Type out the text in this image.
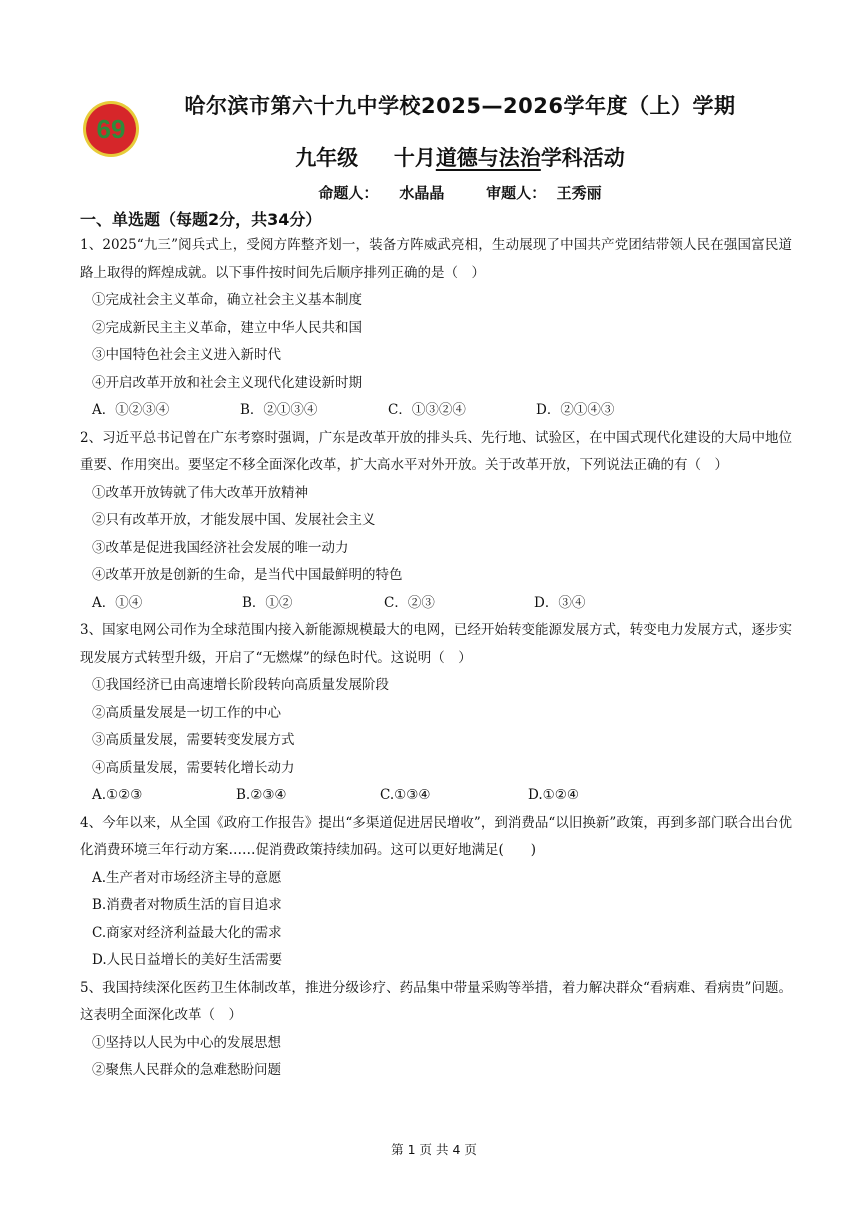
69
哈尔滨市第六十九中学校2025—2026学年度（上）学期
九年级 　 十月道德与法治学科活动
命题人： 水晶晶	审题人： 王秀丽
一、单选题（每题2分，共34分）

1、2025“九三”阅兵式上，受阅方阵整齐划一，装备方阵威武亮相，生动展现了中国共产党团结带领人民在强国富民道路上取得的辉煌成就。以下事件按时间先后顺序排列正确的是（　）

①完成社会主义革命，确立社会主义基本制度

②完成新民主主义革命，建立中华人民共和国

③中国特色社会主义进入新时代

④开启改革开放和社会主义现代化建设新时期

A．①②③④	B．②①③④	C．①③②④	D．②①④③

2、习近平总书记曾在广东考察时强调，广东是改革开放的排头兵、先行地、试验区，在中国式现代化建设的大局中地位重要、作用突出。要坚定不移全面深化改革，扩大高水平对外开放。关于改革开放，下列说法正确的有（　）

①改革开放铸就了伟大改革开放精神

②只有改革开放，才能发展中国、发展社会主义

③改革是促进我国经济社会发展的唯一动力

④改革开放是创新的生命，是当代中国最鲜明的特色

A．①④	B．①②	C．②③	D．③④

3、国家电网公司作为全球范围内接入新能源规模最大的电网，已经开始转变能源发展方式，转变电力发展方式，逐步实现发展方式转型升级，开启了“无燃煤”的绿色时代。这说明（　）

①我国经济已由高速增长阶段转向高质量发展阶段

②高质量发展是一切工作的中心

③高质量发展，需要转变发展方式

④高质量发展，需要转化增长动力

A.①②③	B.②③④	C.①③④	D.①②④

4、今年以来，从全国《政府工作报告》提出“多渠道促进居民增收”，到消费品“以旧换新”政策，再到多部门联合出台优化消费环境三年行动方案……促消费政策持续加码。这可以更好地满足(　　)

A.生产者对市场经济主导的意愿

B.消费者对物质生活的盲目追求

C.商家对经济利益最大化的需求

D.人民日益增长的美好生活需要

5、我国持续深化医药卫生体制改革，推进分级诊疗、药品集中带量采购等举措，着力解决群众“看病难、看病贵”问题。这表明全面深化改革（　）

①坚持以人民为中心的发展思想

②聚焦人民群众的急难愁盼问题

第 1 页 共 4 页
